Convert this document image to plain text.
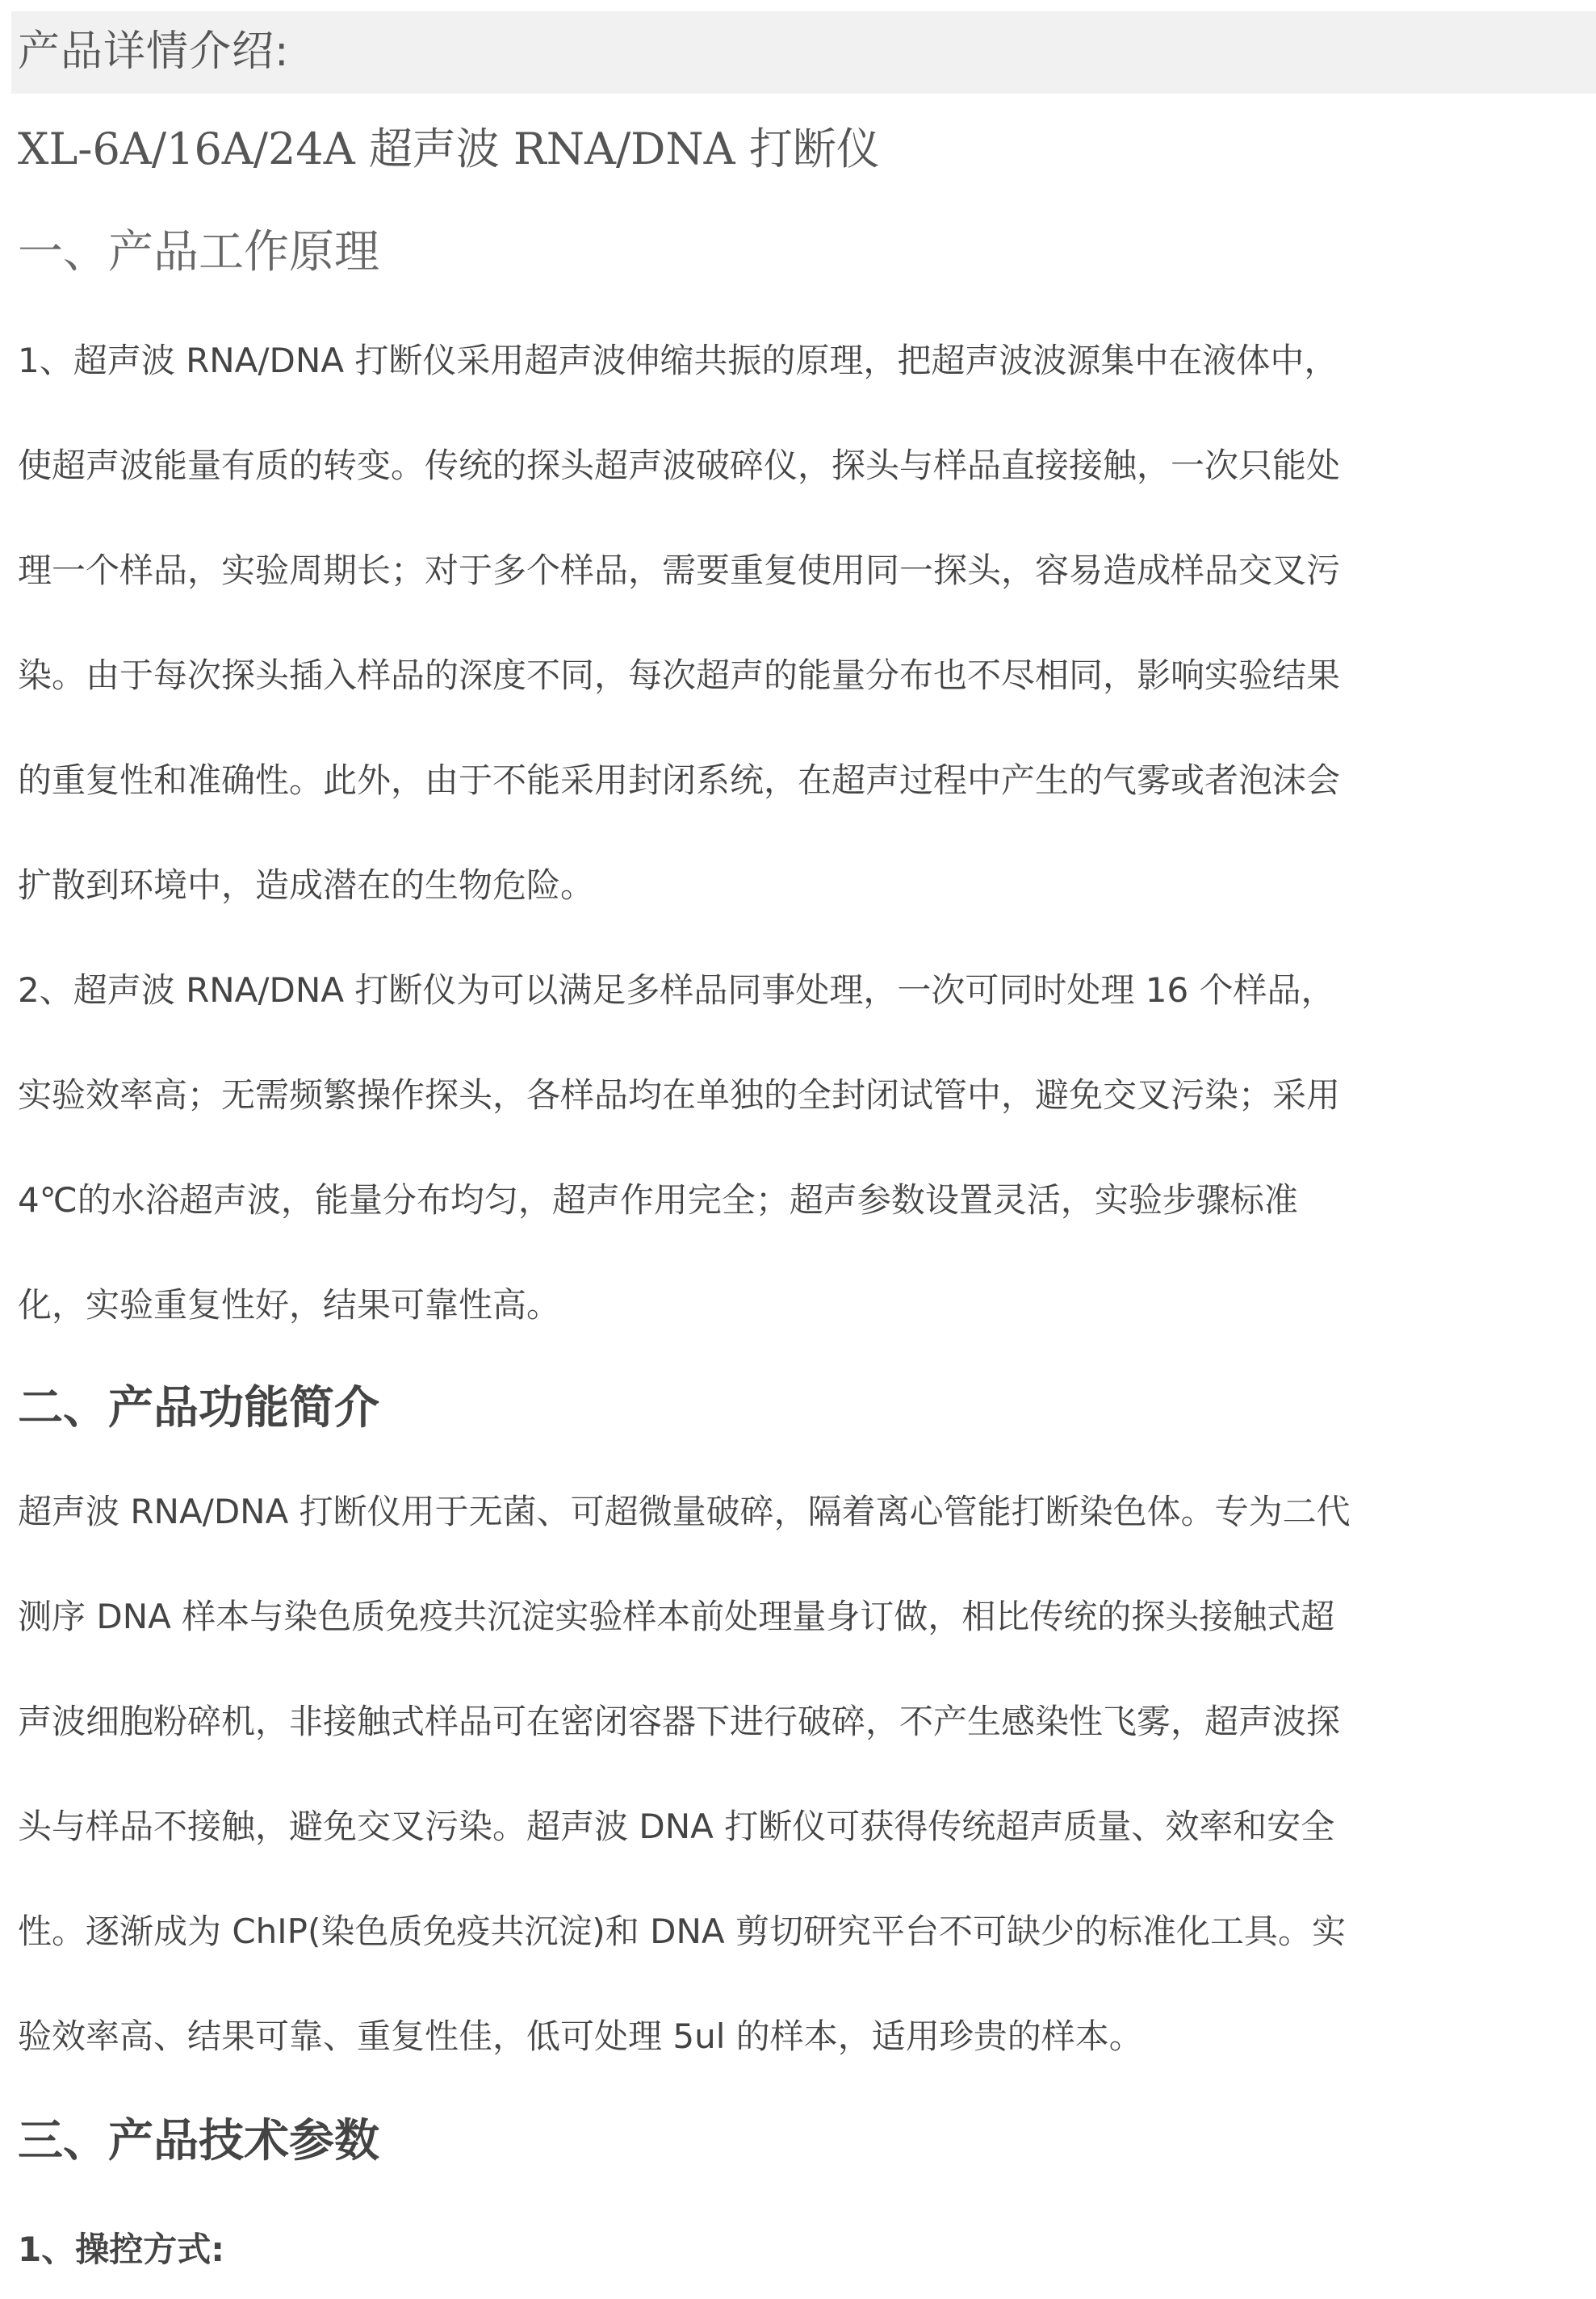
产品详情介绍:
XL-6A/16A/24A 超声波 RNA/DNA 打断仪
一、产品工作原理
1、超声波 RNA/DNA 打断仪采用超声波伸缩共振的原理，把超声波波源集中在液体中，
使超声波能量有质的转变。传统的探头超声波破碎仪，探头与样品直接接触，一次只能处
理一个样品，实验周期长；对于多个样品，需要重复使用同一探头，容易造成样品交叉污
染。由于每次探头插入样品的深度不同，每次超声的能量分布也不尽相同，影响实验结果
的重复性和准确性。此外，由于不能采用封闭系统，在超声过程中产生的气雾或者泡沫会
扩散到环境中，造成潜在的生物危险。
2、超声波 RNA/DNA 打断仪为可以满足多样品同事处理，一次可同时处理 16 个样品，
实验效率高；无需频繁操作探头，各样品均在单独的全封闭试管中，避免交叉污染；采用
4℃的水浴超声波，能量分布均匀，超声作用完全；超声参数设置灵活，实验步骤标准
化，实验重复性好，结果可靠性高。
二、产品功能简介
超声波 RNA/DNA 打断仪用于无菌、可超微量破碎，隔着离心管能打断染色体。专为二代
测序 DNA 样本与染色质免疫共沉淀实验样本前处理量身订做，相比传统的探头接触式超
声波细胞粉碎机，非接触式样品可在密闭容器下进行破碎，不产生感染性飞雾，超声波探
头与样品不接触，避免交叉污染。超声波 DNA 打断仪可获得传统超声质量、效率和安全
性。逐渐成为 ChIP(染色质免疫共沉淀)和 DNA 剪切研究平台不可缺少的标准化工具。实
验效率高、结果可靠、重复性佳，低可处理 5ul 的样本，适用珍贵的样本。
三、产品技术参数
1、操控方式:
